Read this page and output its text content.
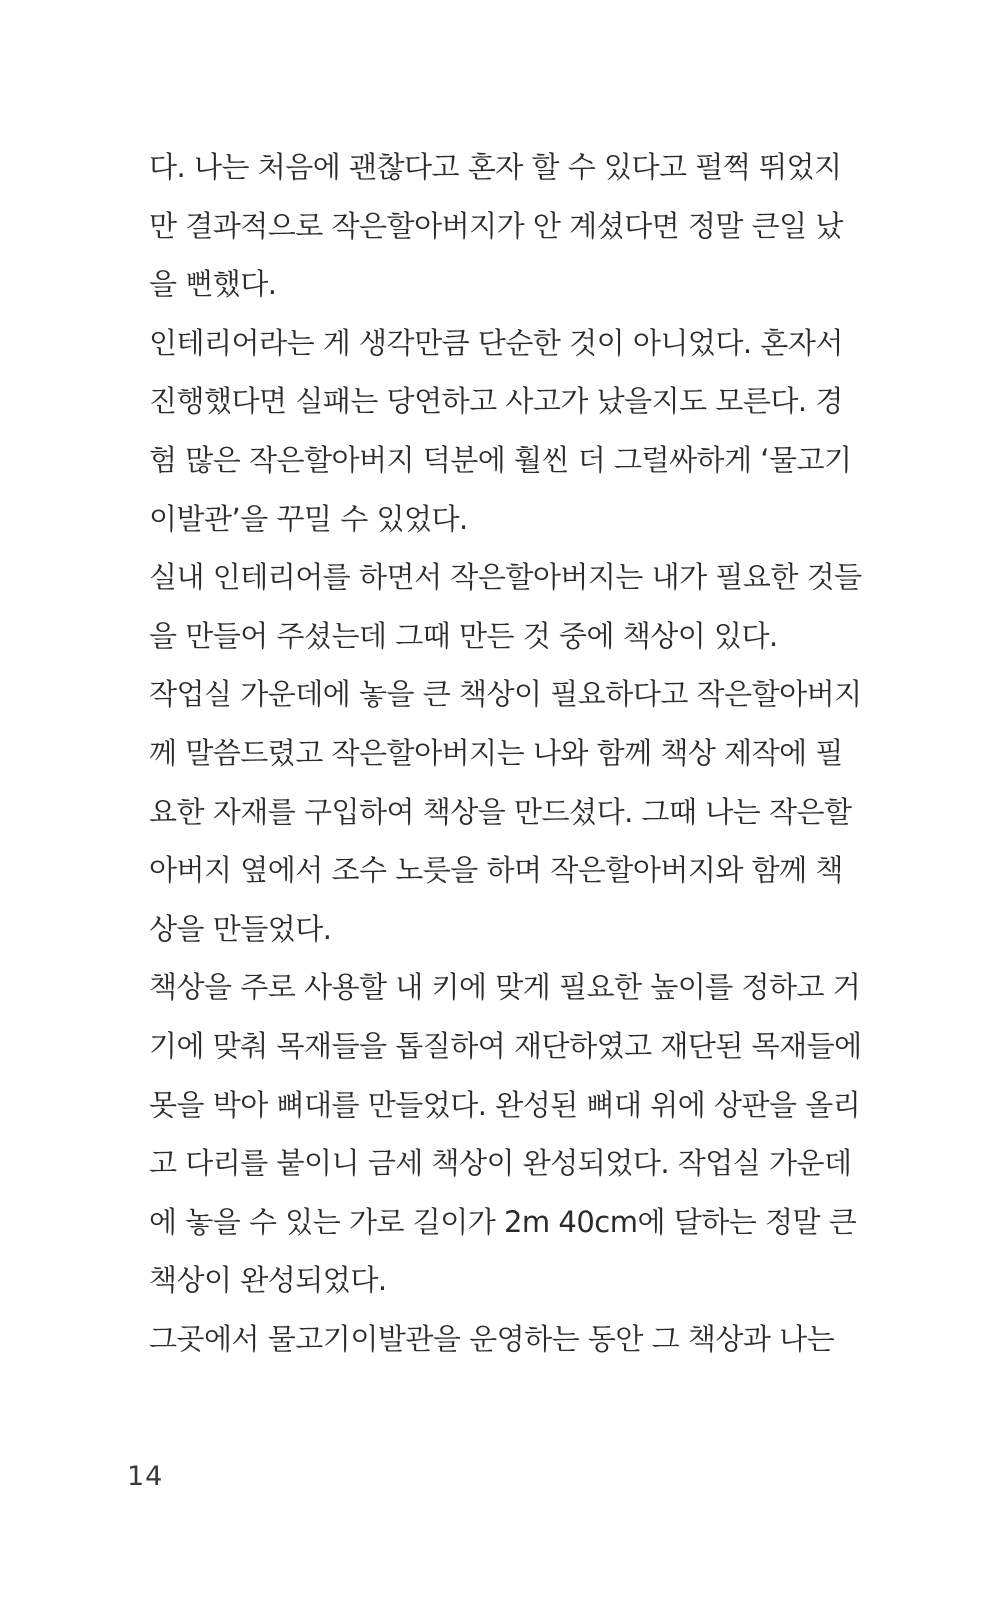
다. 나는 처음에 괜찮다고 혼자 할 수 있다고 펄쩍 뛰었지
만 결과적으로 작은할아버지가 안 계셨다면 정말 큰일 났
을 뻔했다.
인테리어라는 게 생각만큼 단순한 것이 아니었다. 혼자서
진행했다면 실패는 당연하고 사고가 났을지도 모른다. 경
험 많은 작은할아버지 덕분에 훨씬 더 그럴싸하게 ‘물고기
이발관’을 꾸밀 수 있었다.
실내 인테리어를 하면서 작은할아버지는 내가 필요한 것들
을 만들어 주셨는데 그때 만든 것 중에 책상이 있다.
작업실 가운데에 놓을 큰 책상이 필요하다고 작은할아버지
께 말씀드렸고 작은할아버지는 나와 함께 책상 제작에 필
요한 자재를 구입하여 책상을 만드셨다. 그때 나는 작은할
아버지 옆에서 조수 노릇을 하며 작은할아버지와 함께 책
상을 만들었다.
책상을 주로 사용할 내 키에 맞게 필요한 높이를 정하고 거
기에 맞춰 목재들을 톱질하여 재단하였고 재단된 목재들에
못을 박아 뼈대를 만들었다. 완성된 뼈대 위에 상판을 올리
고 다리를 붙이니 금세 책상이 완성되었다. 작업실 가운데
에 놓을 수 있는 가로 길이가 2m 40cm에 달하는 정말 큰
책상이 완성되었다.
그곳에서 물고기이발관을 운영하는 동안 그 책상과 나는
14
